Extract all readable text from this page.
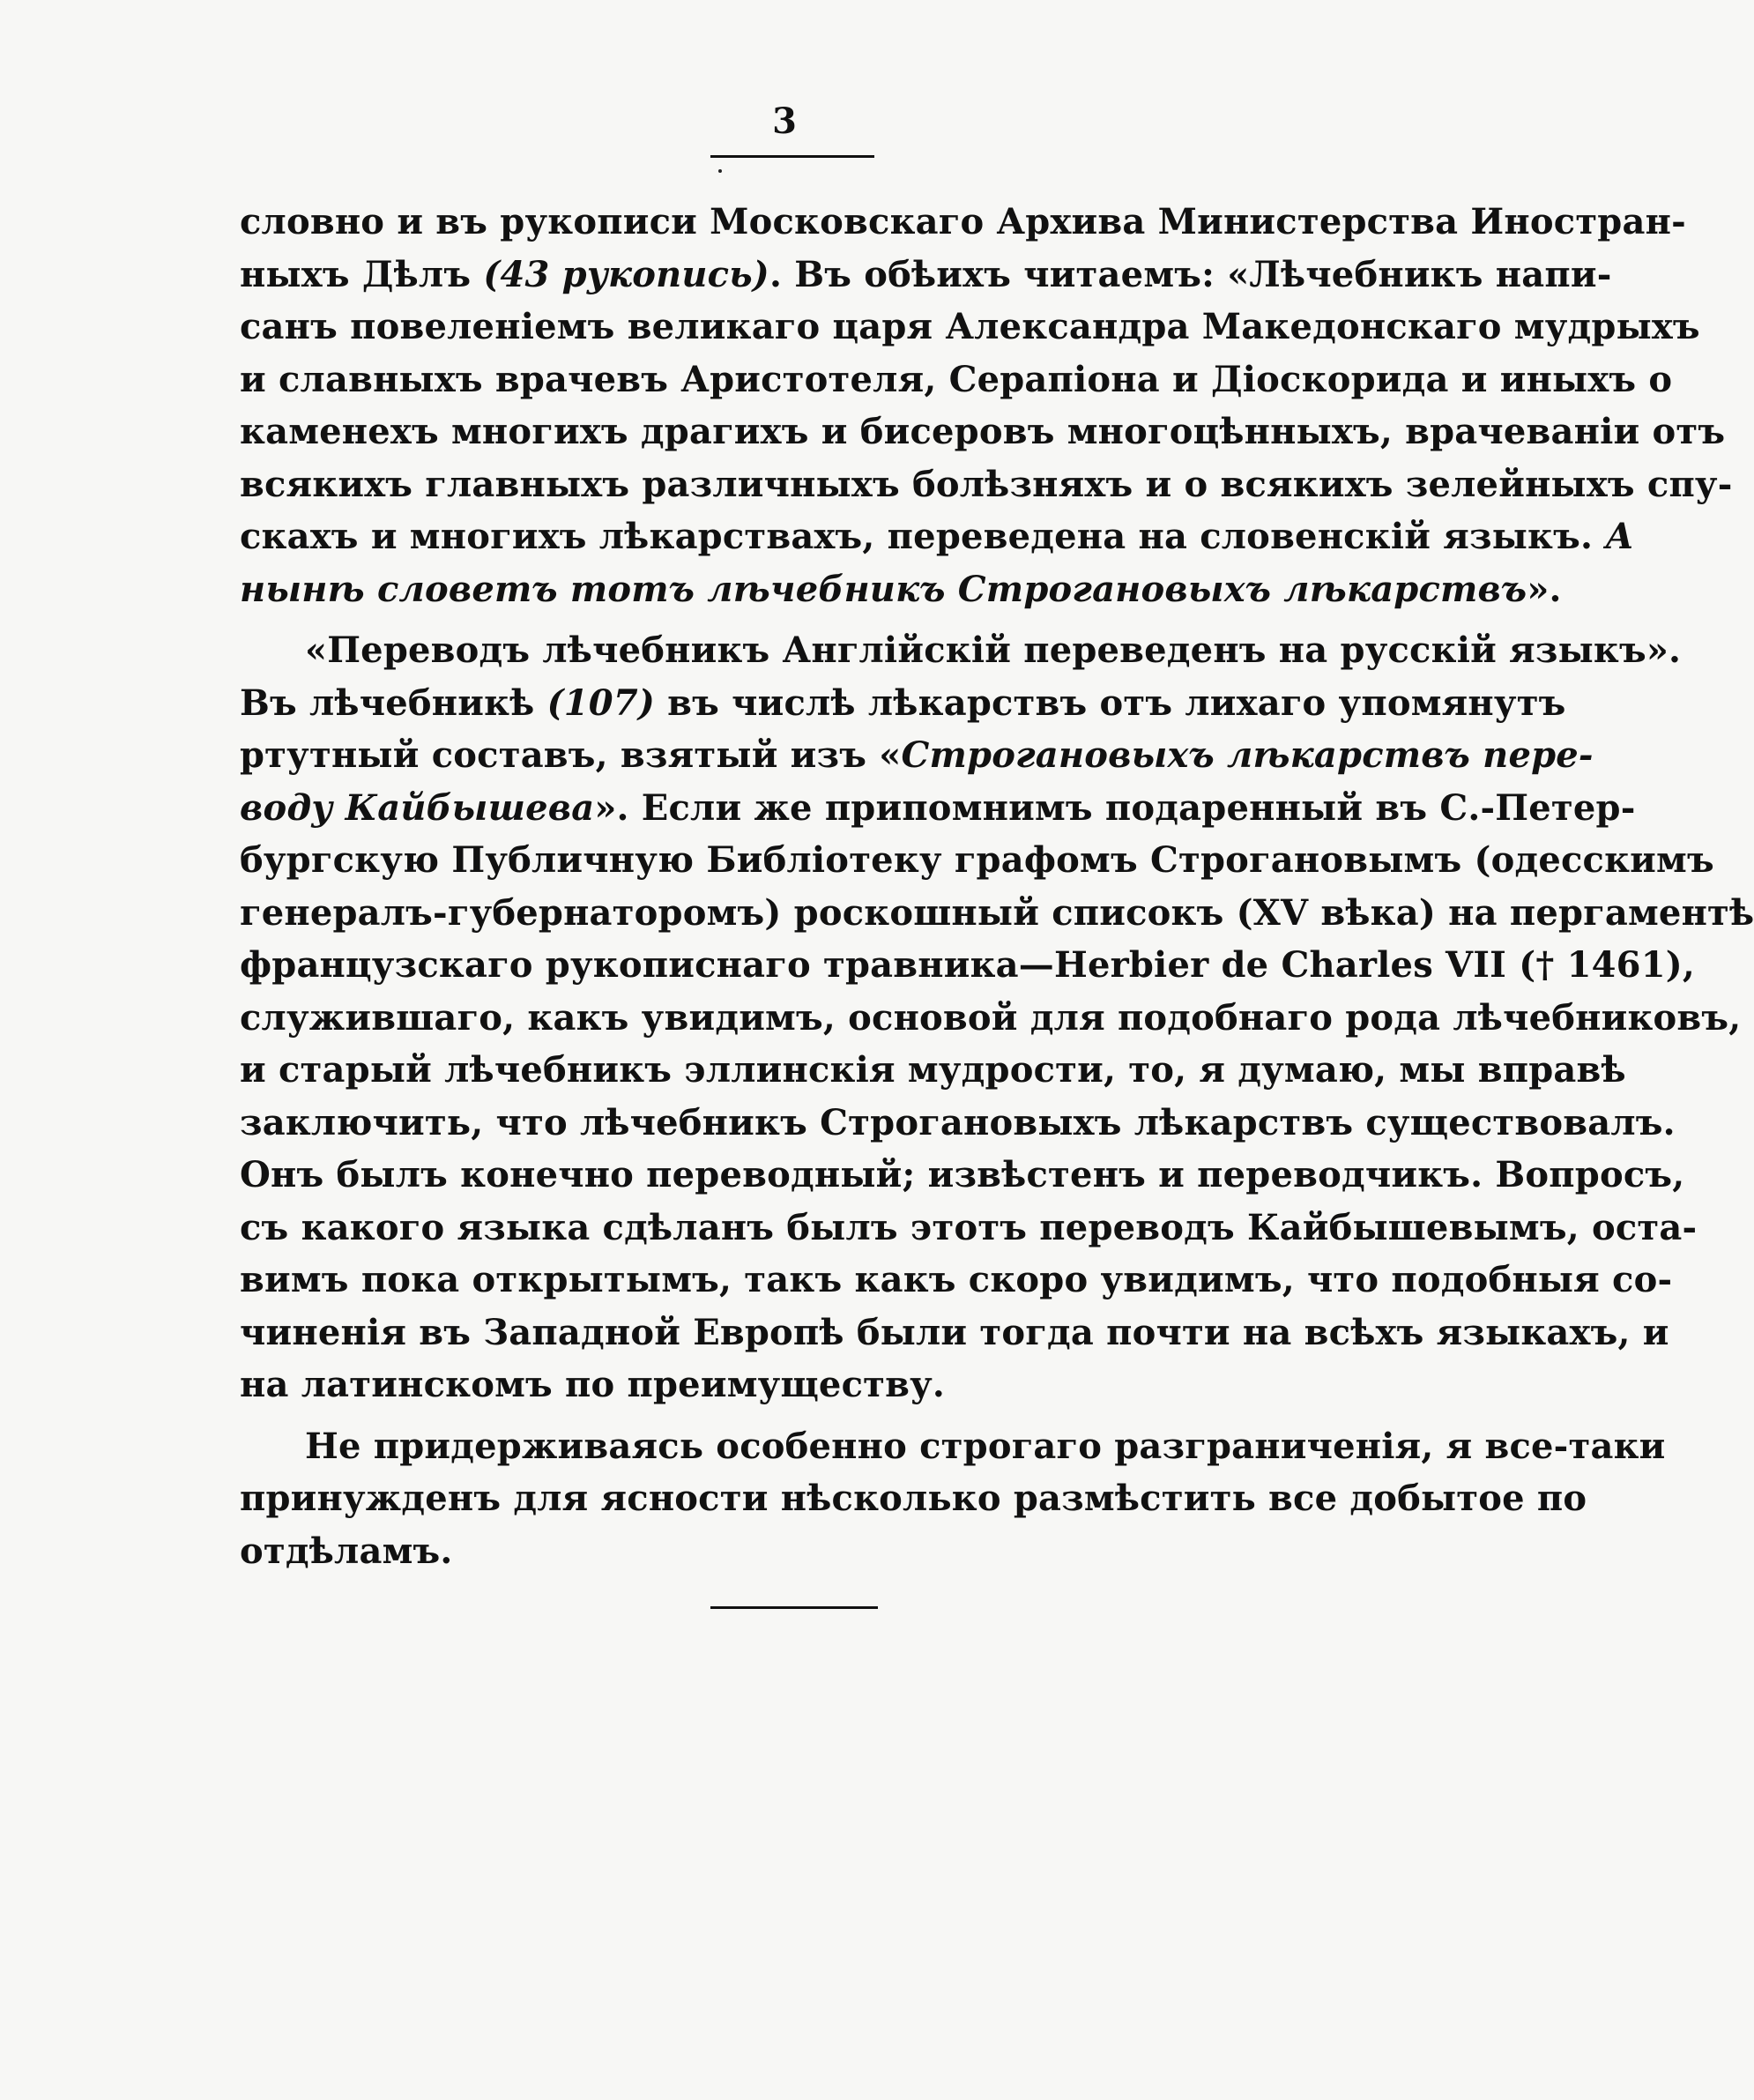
3
словно и въ рукописи Московскаго Архива Министерства Иностран-
ныхъ Дѣлъ (43 рукопись). Въ обѣихъ читаемъ: «Лѣчебникъ напи-
санъ повеленіемъ великаго царя Александра Македонскаго мудрыхъ
и славныхъ врачевъ Аристотеля, Серапіона и Діоскорида и иныхъ о
каменехъ многихъ драгихъ и бисеровъ многоцѣнныхъ, врачеваніи отъ
всякихъ главныхъ различныхъ болѣзняхъ и о всякихъ зелейныхъ спу-
скахъ и многихъ лѣкарствахъ, переведена на словенскій языкъ. А
нынѣ словетъ тотъ лѣчебникъ Строгановыхъ лѣкарствъ».
«Переводъ лѣчебникъ Англійскій переведенъ на русскій языкъ».
Въ лѣчебникѣ (107) въ числѣ лѣкарствъ отъ лихаго упомянутъ
ртутный составъ, взятый изъ «Строгановыхъ лѣкарствъ пере-
воду Кайбышева». Если же припомнимъ подаренный въ С.-Петер-
бургскую Публичную Библіотеку графомъ Строгановымъ (одесскимъ
генералъ-губернаторомъ) роскошный списокъ (XV вѣка) на пергаментѣ
французскаго рукописнаго травника—Herbier de Charles VII († 1461),
служившаго, какъ увидимъ, основой для подобнаго рода лѣчебниковъ,
и старый лѣчебникъ эллинскія мудрости, то, я думаю, мы вправѣ
заключить, что лѣчебникъ Строгановыхъ лѣкарствъ существовалъ.
Онъ былъ конечно переводный; извѣстенъ и переводчикъ. Вопросъ,
съ какого языка сдѣланъ былъ этотъ переводъ Кайбышевымъ, оста-
вимъ пока открытымъ, такъ какъ скоро увидимъ, что подобныя со-
чиненія въ Западной Европѣ были тогда почти на всѣхъ языкахъ, и
на латинскомъ по преимуществу.
Не придерживаясь особенно строгаго разграниченія, я все-таки
принужденъ для ясности нѣсколько размѣстить все добытое по
отдѣламъ.
